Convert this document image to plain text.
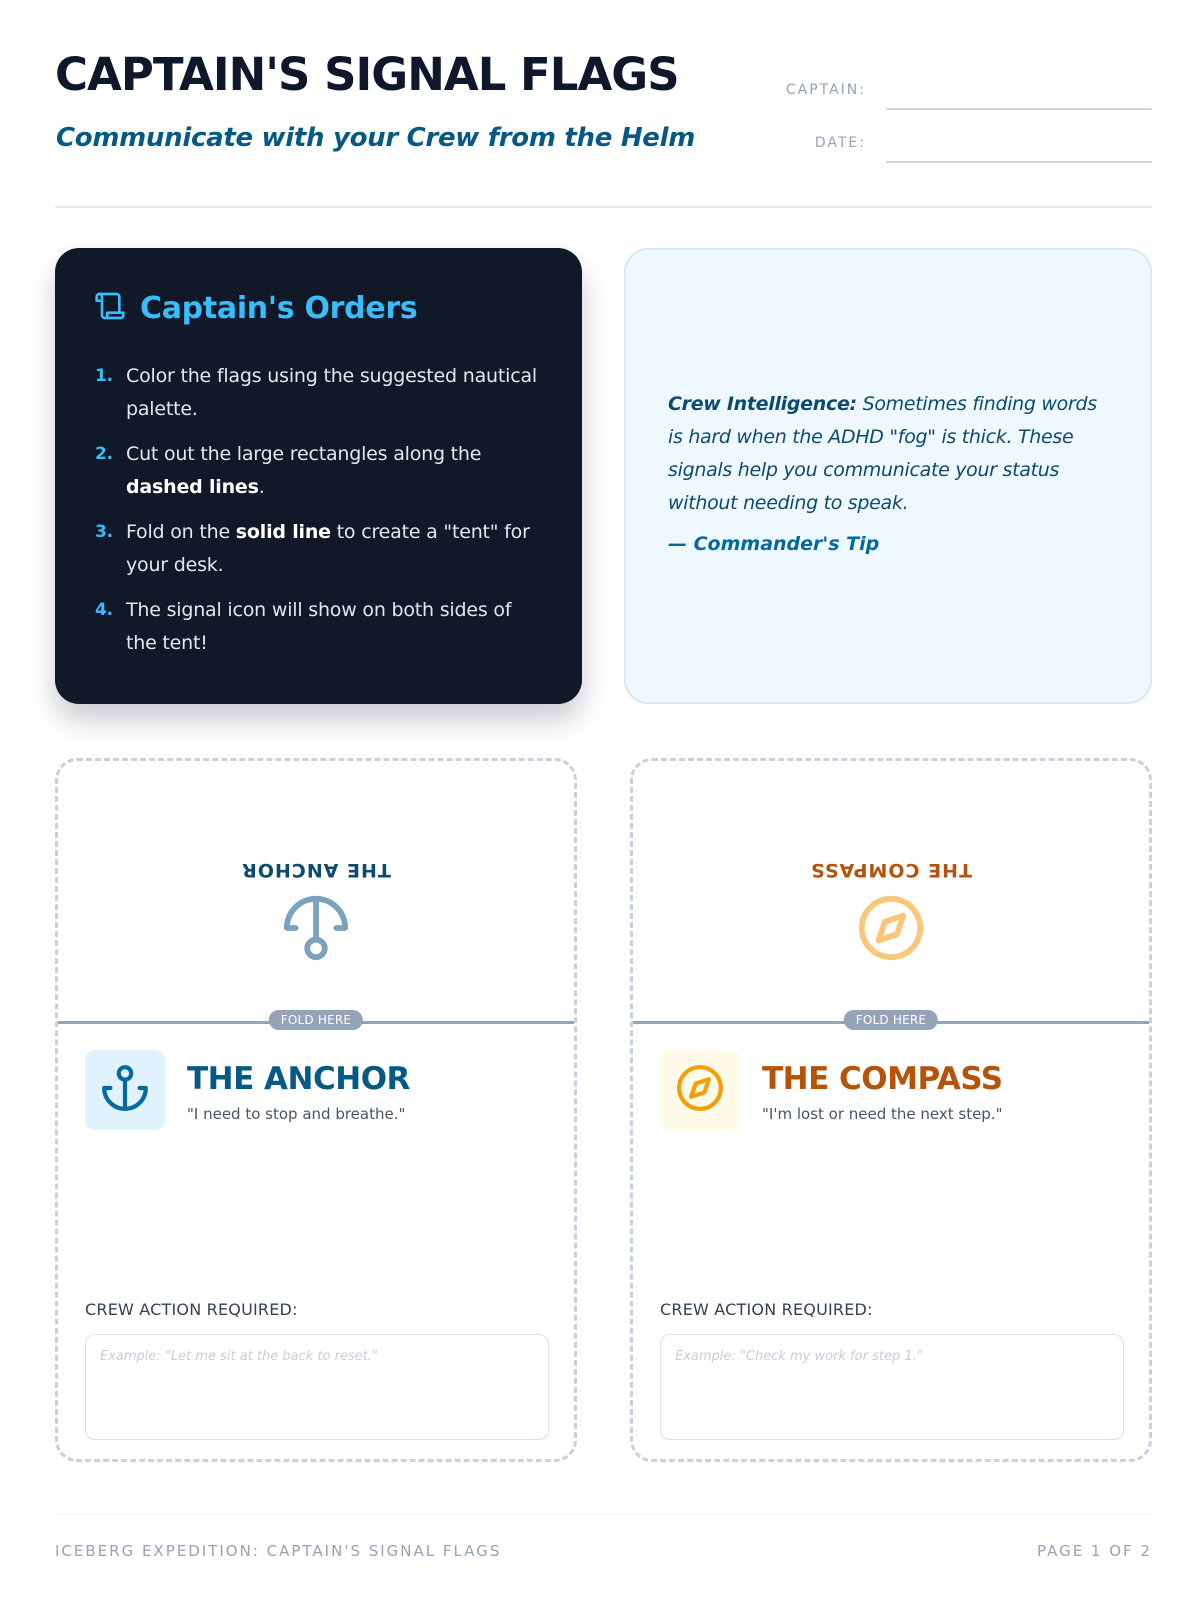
CAPTAIN'S SIGNAL FLAGS
Communicate with your Crew from the Helm
CAPTAIN:
DATE:
Captain's Orders
1. Color the flags using the suggested nautical palette.
2. Cut out the large rectangles along the dashed lines.
3. Fold on the solid line to create a "tent" for your desk.
4. The signal icon will show on both sides of the tent!

Crew Intelligence: Sometimes finding words is hard when the ADHD "fog" is thick. These signals help you communicate your status without needing to speak.

— Commander's Tip
THE ANCHOR
FOLD HERE
THE ANCHOR
"I need to stop and breathe."
CREW ACTION REQUIRED:
Example: "Let me sit at the back to reset."
THE COMPASS
FOLD HERE
THE COMPASS
"I'm lost or need the next step."
CREW ACTION REQUIRED:
Example: "Check my work for step 1."
ICEBERG EXPEDITION: CAPTAIN'S SIGNAL FLAGS	PAGE 1 OF 2
